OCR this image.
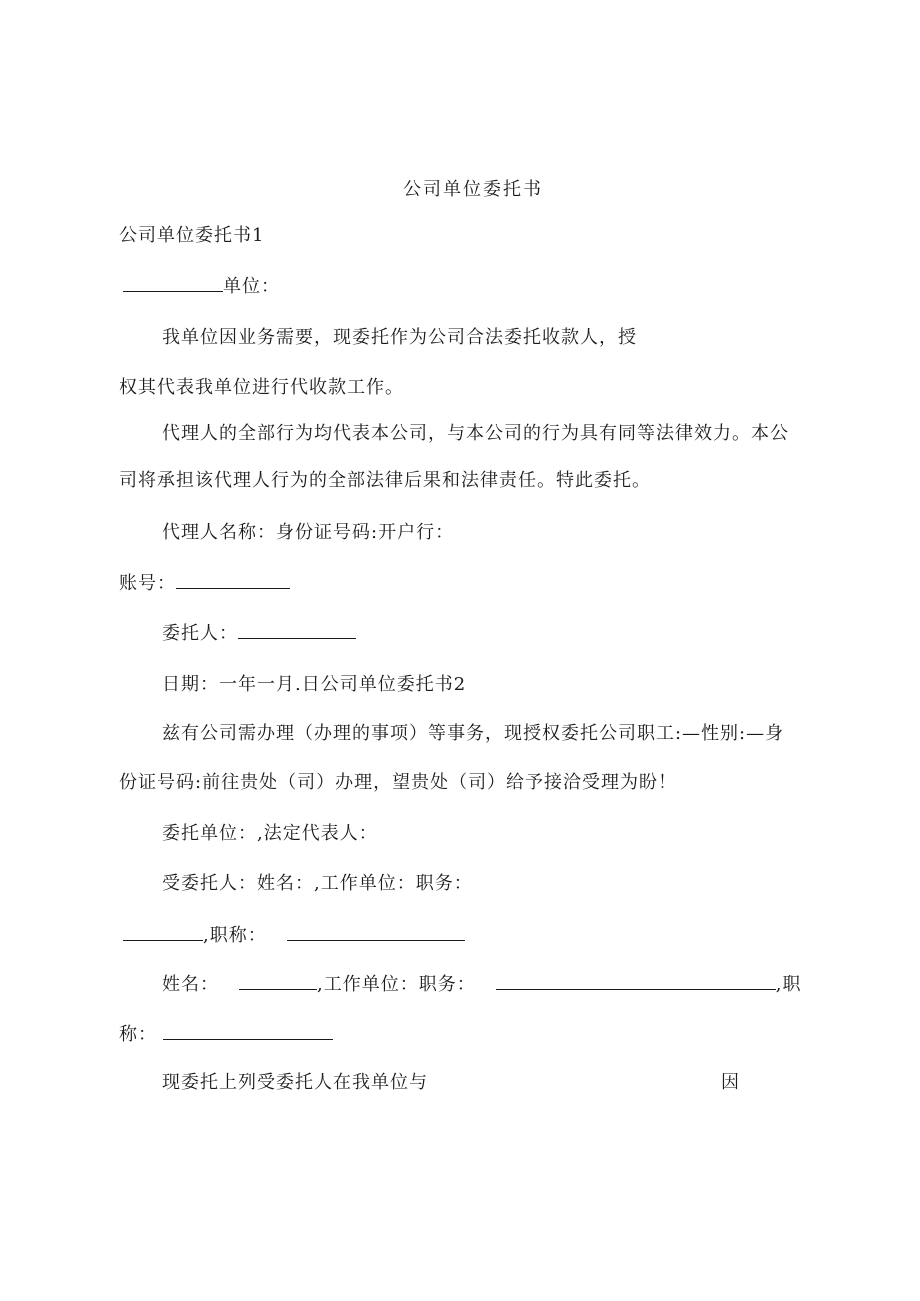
公司单位委托书
公司单位委托书1
单位：
我单位因业务需要，现委托作为公司合法委托收款人，授
权其代表我单位进行代收款工作。
代理人的全部行为均代表本公司，与本公司的行为具有同等法律效力。本公
司将承担该代理人行为的全部法律后果和法律责任。特此委托。
代理人名称：身份证号码:开户行：
账号：
委托人：
日期：一年一月.日公司单位委托书2
兹有公司需办理（办理的事项）等事务，现授权委托公司职工:—性别:—身
份证号码:前往贵处（司）办理，望贵处（司）给予接洽受理为盼！
委托单位：,法定代表人：
受委托人：姓名：,工作单位：职务：
,职称：
姓名：	,工作单位：职务：	,职
称：
现委托上列受委托人在我单位与	因
